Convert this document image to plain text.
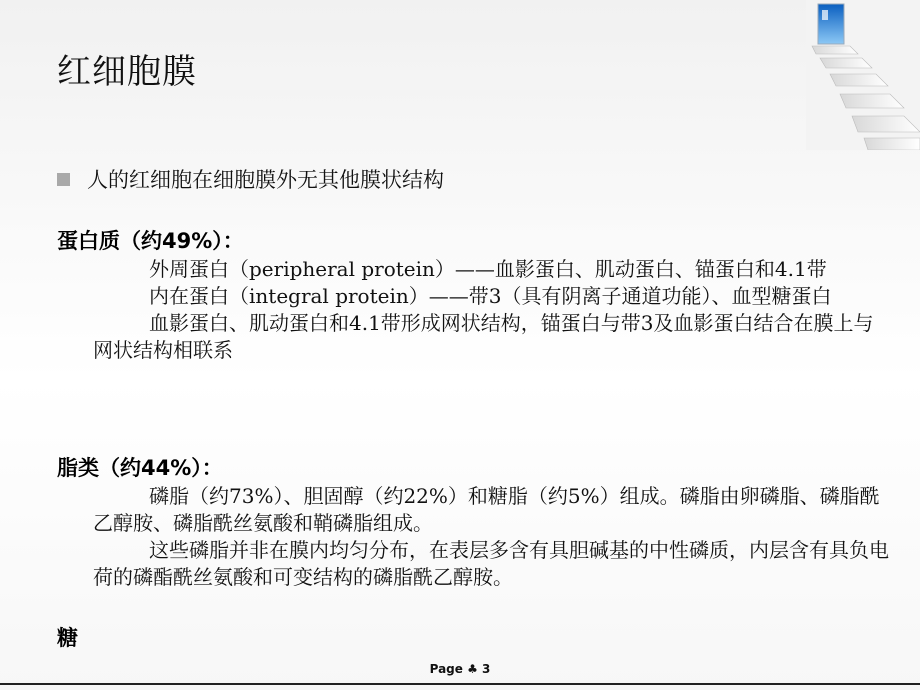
红细胞膜
人的红细胞在细胞膜外无其他膜状结构
蛋白质（约49%）：
外周蛋白（peripheral protein）——血影蛋白、肌动蛋白、锚蛋白和4.1带
内在蛋白（integral protein）——带3（具有阴离子通道功能）、血型糖蛋白
血影蛋白、肌动蛋白和4.1带形成网状结构，锚蛋白与带3及血影蛋白结合在膜上与网状结构相联系
脂类（约44%）：
磷脂（约73%）、胆固醇（约22%）和糖脂（约5%）组成。磷脂由卵磷脂、磷脂酰乙醇胺、磷脂酰丝氨酸和鞘磷脂组成。
这些磷脂并非在膜内均匀分布，在表层多含有具胆碱基的中性磷质，内层含有具负电荷的磷酯酰丝氨酸和可变结构的磷脂酰乙醇胺。
糖
Page ♣ 3
